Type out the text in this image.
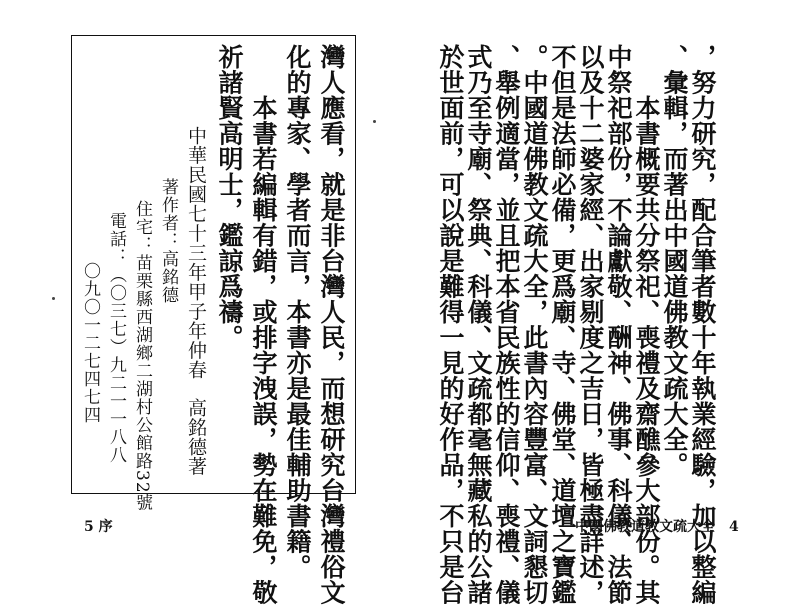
灣人應看，就是非台灣人民，而想研究台灣禮俗文
化的專家、學者而言，本書亦是最佳輔助書籍。
本書若編輯有錯，或排字洩誤，勢在難免，敬
祈諸賢高明士，鑑諒爲禱。
中華民國七十三年甲子年仲春
高銘德著
著作者：高銘德
住宅：苗栗縣西湖鄉二湖村公館路32號
電話：（〇三七）九二一一八八
〇九〇一二七四七四
5 序	，努力研究，配合筆者數十年執業經驗，加以整編
、彙輯，而著出中國道佛教文疏大全。
本書概要共分祭祀、喪禮及齋醮參大部份。其
中祭祀部份，不論獻敬、酬神、佛事、科儀、法節
以及十二婆家經、出家剔度之吉日，皆極盡詳述，
不但是法師必備，更爲廟、寺、佛堂、道壇之寶鑑
。中國道佛教文疏大全，此書內容豐富、文詞懇切
、舉例適當，並且把本省民族性的信仰、喪禮、儀
式乃至寺廟、祭典、科儀、文疏都毫無藏私的公諸
於世面前，可以說是難得一見的好作品，不只是台	中國佛教道教文疏大全　4
